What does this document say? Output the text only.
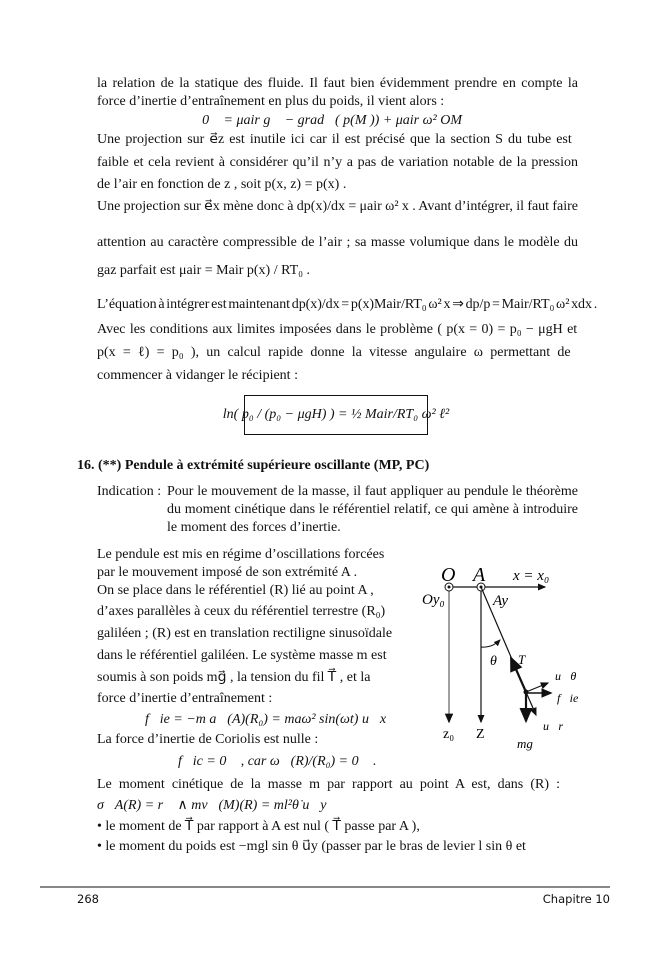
la relation de la statique des fluide. Il faut bien évidemment prendre en compte la
force d’inertie d’entraînement en plus du poids, il vient alors :
0⃗ = μair g⃗ − grad⃗( p(M )) + μair ω² OM⃗
Une projection sur e⃗z est inutile ici car il est précisé que la section S du tube est
faible et cela revient à considérer qu’il n’y a pas de variation notable de la pression
de l’air en fonction de z , soit p(x, z) = p(x) .
Une projection sur e⃗x mène donc à dp(x)/dx = μair ω² x . Avant d’intégrer, il faut faire
attention au caractère compressible de l’air ; sa masse volumique dans le modèle du
gaz parfait est μair = Mair p(x) / RT₀ .
L’équation à intégrer est maintenant dp(x)/dx = p(x)Mair/RT₀ ω² x ⇒ dp/p = Mair/RT₀ ω² xdx .
Avec les conditions aux limites imposées dans le problème ( p(x = 0) = p₀ − μgH et
p(x = ℓ) = p₀ ), un calcul rapide donne la vitesse angulaire ω permettant de
commencer à vidanger le récipient :
ln( p₀ / (p₀ − μgH) ) = ½ Mair/RT₀ ω² ℓ²
16. (**) Pendule à extrémité supérieure oscillante (MP, PC)
Indication : Pour le mouvement de la masse, il faut appliquer au pendule le théorème du moment cinétique dans le référentiel relatif, ce qui amène à introduire le moment des forces d’inertie.
Le pendule est mis en régime d’oscillations forcées
par le mouvement imposé de son extrémité A .
On se place dans le référentiel (R) lié au point A ,
d’axes parallèles à ceux du référentiel terrestre (R₀)
galiléen ; (R) est en translation rectiligne sinusoïdale
dans le référentiel galiléen. Le système masse m est
soumis à son poids mg⃗ , la tension du fil T⃗ , et la
force d’inertie d’entraînement :
f⃗ie = −m a⃗(A)(R₀) = maω² sin(ωt) u⃗x
La force d’inertie de Coriolis est nulle :
f⃗ic = 0⃗ , car ω⃗(R)/(R₀) = 0⃗ .
Le moment cinétique de la masse m par rapport au point A est, dans (R) :
σ⃗A(R) = r⃗ ∧ mv⃗(M)(R) = ml²θ̇ u⃗y
• le moment de T⃗ par rapport à A est nul ( T⃗ passe par A ),
• le moment du poids est −mgl sin θ u⃗y (passer par le bras de levier l sin θ et
O A x = x₀
Oy₀	Ay
θ T⃗
u⃗θ
f⃗ie
u⃗r
z₀ Z
mg⃗
268	Chapitre 10
